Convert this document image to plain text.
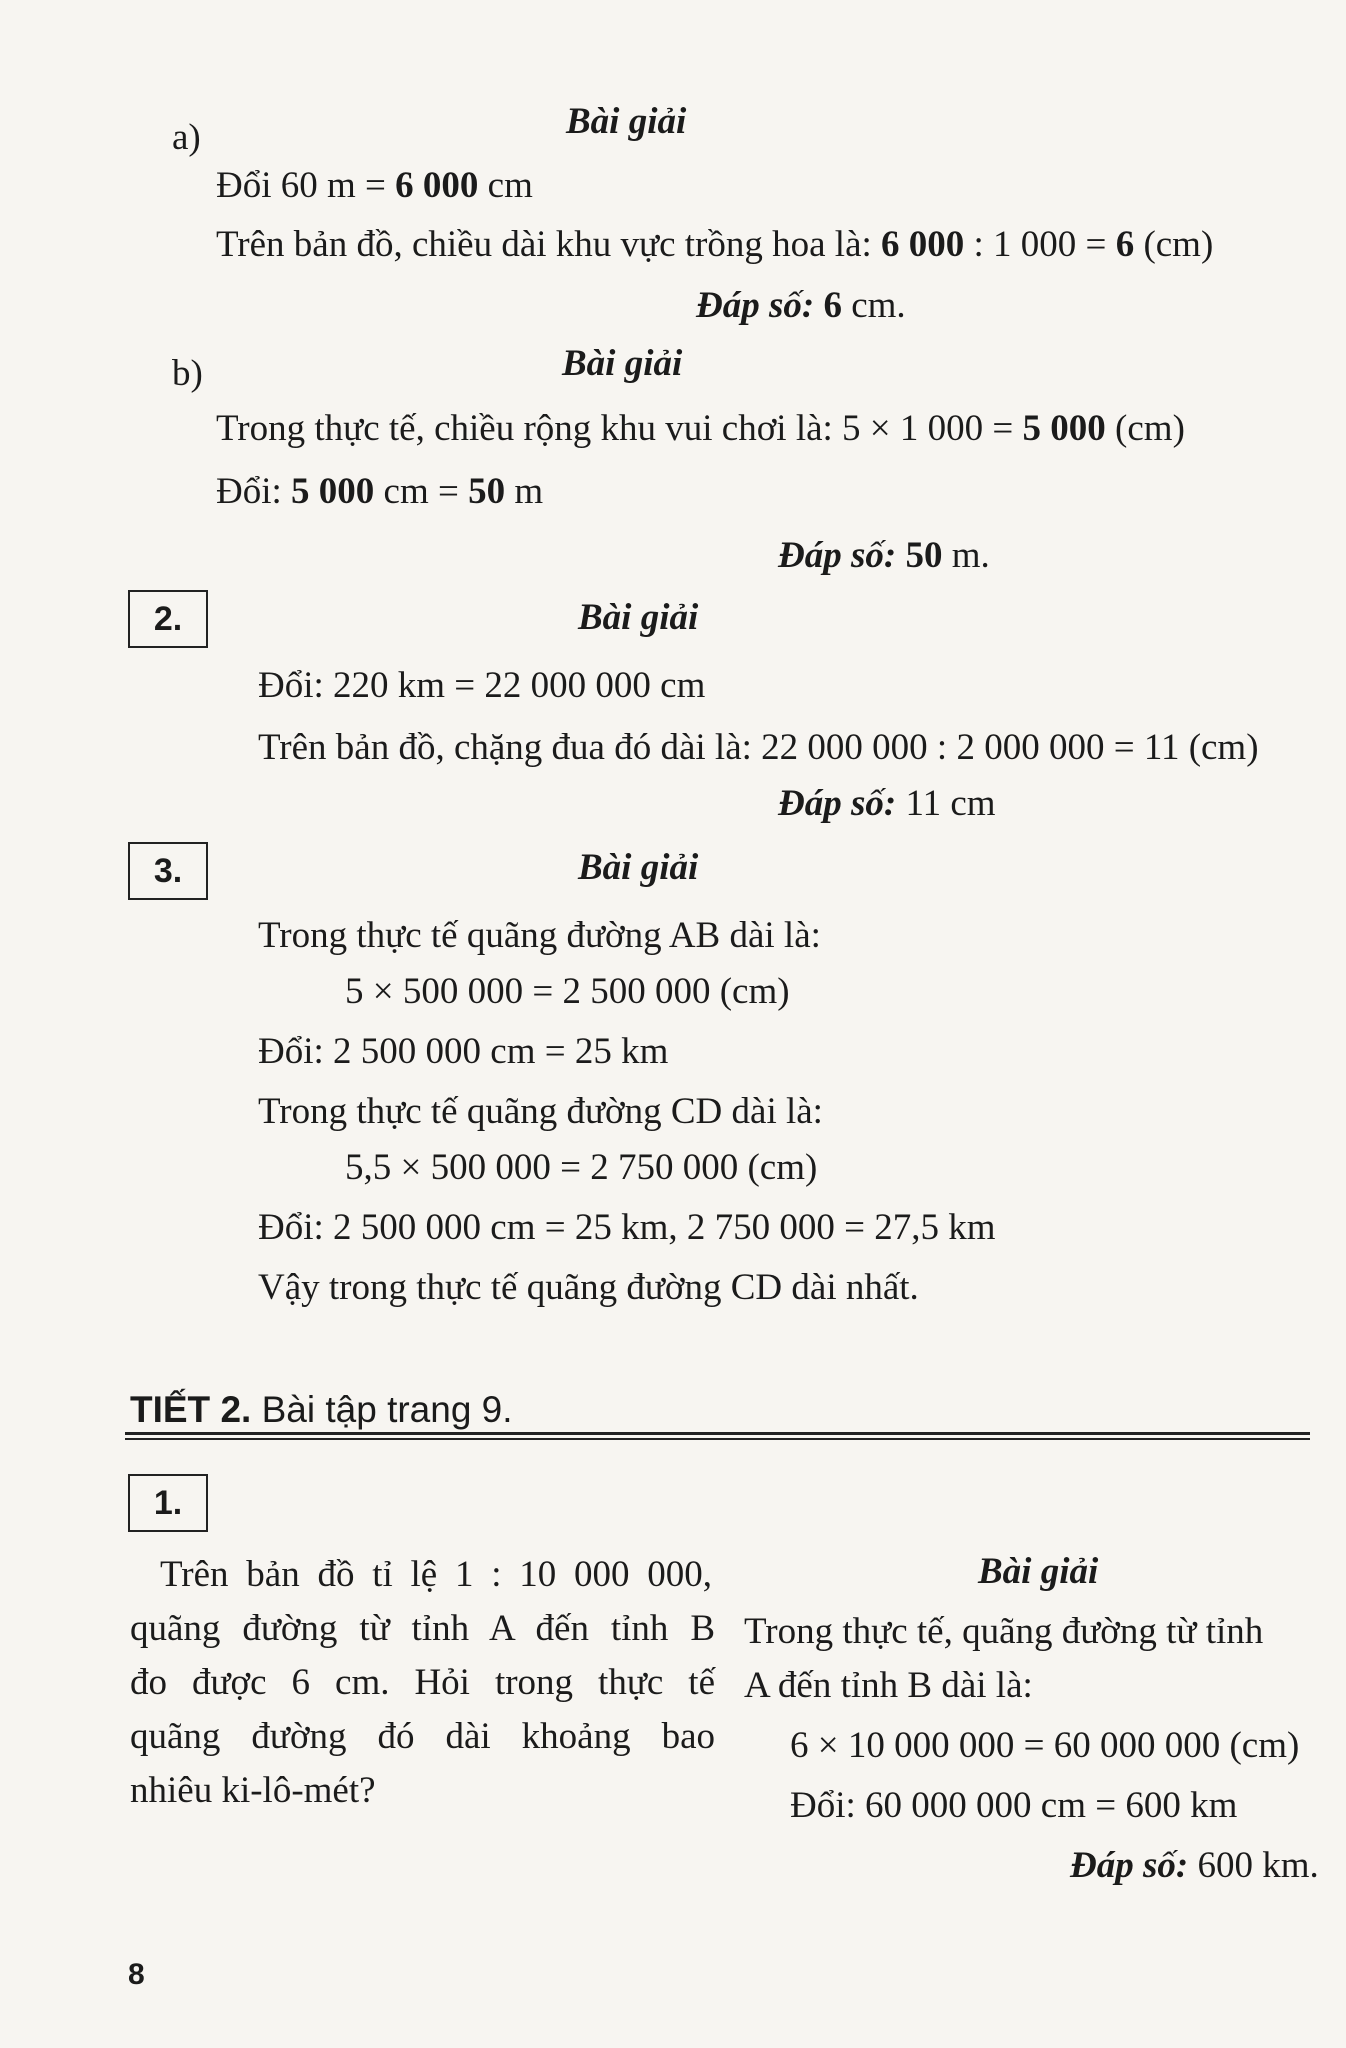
a)	Bài giải
Đổi 60 m = 6 000 cm
Trên bản đồ, chiều dài khu vực trồng hoa là: 6 000 : 1 000 = 6 (cm)
Đáp số: 6 cm.
b)	Bài giải
Trong thực tế, chiều rộng khu vui chơi là: 5 × 1 000 = 5 000 (cm)
Đổi: 5 000 cm = 50 m
Đáp số: 50 m.
2.	Bài giải
Đổi: 220 km = 22 000 000 cm
Trên bản đồ, chặng đua đó dài là: 22 000 000 : 2 000 000 = 11 (cm)
Đáp số: 11 cm
3.	Bài giải
Trong thực tế quãng đường AB dài là:
5 × 500 000 = 2 500 000 (cm)
Đổi: 2 500 000 cm = 25 km
Trong thực tế quãng đường CD dài là:
5,5 × 500 000 = 2 750 000 (cm)
Đổi: 2 500 000 cm = 25 km, 2 750 000 = 27,5 km
Vậy trong thực tế quãng đường CD dài nhất.
TIẾT 2. Bài tập trang 9.
1.
Trên bản đồ tỉ lệ 1 : 10 000 000,
quãng đường từ tỉnh A đến tỉnh B
đo được 6 cm. Hỏi trong thực tế
quãng đường đó dài khoảng bao
nhiêu ki-lô-mét?
Bài giải
Trong thực tế, quãng đường từ tỉnh
A đến tỉnh B dài là:
6 × 10 000 000 = 60 000 000 (cm)
Đổi: 60 000 000 cm = 600 km
Đáp số: 600 km.
8
